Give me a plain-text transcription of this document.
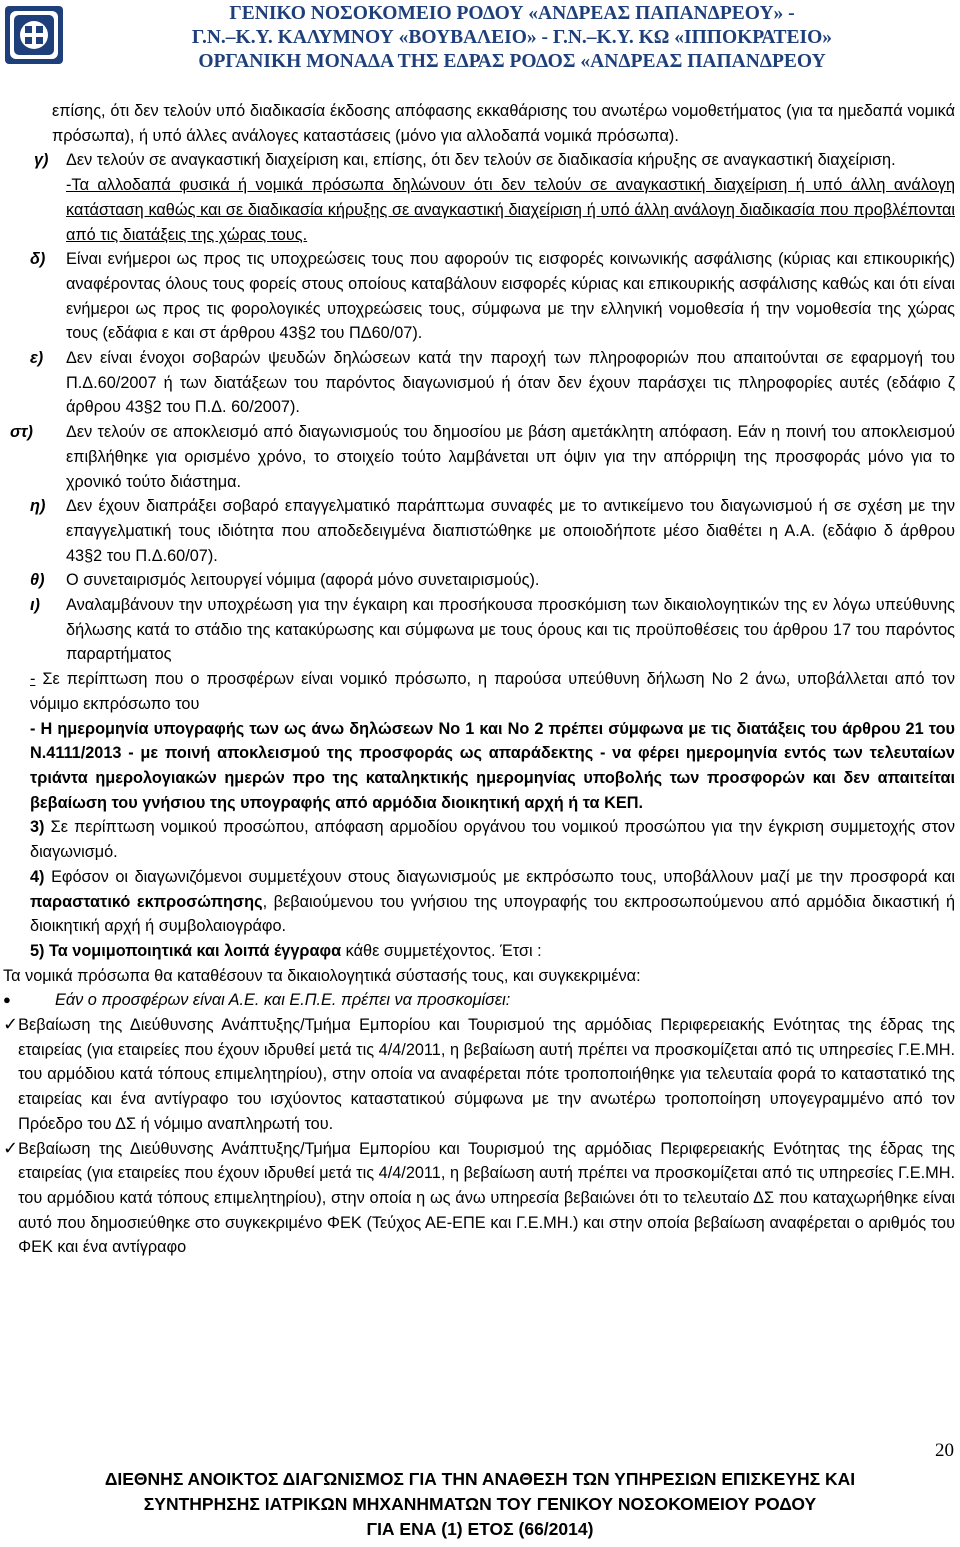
ΓΕΝΙΚΟ ΝΟΣΟΚΟΜΕΙΟ ΡΟΔΟΥ «ΑΝΔΡΕΑΣ ΠΑΠΑΝΔΡΕΟΥ» -
Γ.Ν.–Κ.Υ. ΚΑΛΥΜΝΟΥ «ΒΟΥΒΑΛΕΙΟ» - Γ.Ν.–Κ.Υ. ΚΩ «ΙΠΠΟΚΡΑΤΕΙΟ»
ΟΡΓΑΝΙΚΗ ΜΟΝΑΔΑ ΤΗΣ ΕΔΡΑΣ ΡΟΔΟΣ «ΑΝΔΡΕΑΣ ΠΑΠΑΝΔΡΕΟΥ

επίσης, ότι δεν τελούν υπό διαδικασία έκδοσης απόφασης εκκαθάρισης του ανωτέρω νομοθετήματος (για τα ημεδαπά νομικά πρόσωπα), ή υπό άλλες ανάλογες καταστάσεις (μόνο για αλλοδαπά νομικά πρόσωπα).

γ)	Δεν τελούν σε αναγκαστική διαχείριση και, επίσης, ότι δεν τελούν σε διαδικασία κήρυξης σε αναγκαστική διαχείριση.

-Τα αλλοδαπά φυσικά ή νομικά πρόσωπα δηλώνουν ότι δεν τελούν σε αναγκαστική διαχείριση ή υπό άλλη ανάλογη κατάσταση καθώς και σε διαδικασία κήρυξης σε αναγκαστική διαχείριση ή υπό άλλη ανάλογη διαδικασία που προβλέπονται από τις διατάξεις της χώρας τους.

δ)	Είναι ενήμεροι ως προς τις υποχρεώσεις τους που αφορούν τις εισφορές κοινωνικής ασφάλισης (κύριας και επικουρικής) αναφέροντας όλους τους φορείς στους οποίους καταβάλουν εισφορές κύριας και επικουρικής ασφάλισης καθώς και ότι είναι ενήμεροι ως προς τις φορολογικές υποχρεώσεις τους, σύμφωνα με την ελληνική νομοθεσία ή την νομοθεσία της χώρας τους (εδάφια ε και στ άρθρου 43§2 του ΠΔ60/07).
ε)	Δεν είναι ένοχοι σοβαρών ψευδών δηλώσεων κατά την παροχή των πληροφοριών που απαιτούνται σε εφαρμογή του Π.Δ.60/2007 ή των διατάξεων του παρόντος διαγωνισμού ή όταν δεν έχουν παράσχει τις πληροφορίες αυτές (εδάφιο ζ άρθρου 43§2 του Π.Δ. 60/2007).
στ)	Δεν τελούν σε αποκλεισμό από διαγωνισμούς του δημοσίου με βάση αμετάκλητη απόφαση. Εάν η ποινή του αποκλεισμού επιβλήθηκε για ορισμένο χρόνο, το στοιχείο τούτο λαμβάνεται υπ όψιν για την απόρριψη της προσφοράς μόνο για το χρονικό τούτο διάστημα.
η)	Δεν έχουν διαπράξει σοβαρό επαγγελματικό παράπτωμα συναφές με το αντικείμενο του διαγωνισμού ή σε σχέση με την επαγγελματική τους ιδιότητα που αποδεδειγμένα διαπιστώθηκε με οποιοδήποτε μέσο διαθέτει η Α.Α. (εδάφιο δ άρθρου 43§2 του Π.Δ.60/07).
θ)	Ο συνεταιρισμός λειτουργεί νόμιμα (αφορά μόνο συνεταιρισμούς).
ι)	Αναλαμβάνουν την υποχρέωση για την έγκαιρη και προσήκουσα προσκόμιση των δικαιολογητικών της εν λόγω υπεύθυνης δήλωσης κατά το στάδιο της κατακύρωσης και σύμφωνα με τους όρους και τις προϋποθέσεις του άρθρου 17 του παρόντος παραρτήματος

- Σε περίπτωση που ο προσφέρων είναι νομικό πρόσωπο, η παρούσα υπεύθυνη δήλωση Νο 2 άνω, υποβάλλεται από τον νόμιμο εκπρόσωπο του

- Η ημερομηνία υπογραφής των ως άνω δηλώσεων Νο 1 και Νο 2 πρέπει σύμφωνα με τις διατάξεις του άρθρου 21 του Ν.4111/2013 - με ποινή αποκλεισμού της προσφοράς ως απαράδεκτης - να φέρει ημερομηνία εντός των τελευταίων τριάντα ημερολογιακών ημερών προ της καταληκτικής ημερομηνίας υποβολής των προσφορών και δεν απαιτείται βεβαίωση του γνήσιου της υπογραφής από αρμόδια διοικητική αρχή ή τα ΚΕΠ.

3) Σε περίπτωση νομικού προσώπου, απόφαση αρμοδίου οργάνου του νομικού προσώπου για την έγκριση συμμετοχής στον διαγωνισμό.

4) Εφόσον οι διαγωνιζόμενοι συμμετέχουν στους διαγωνισμούς με εκπρόσωπο τους, υποβάλλουν μαζί με την προσφορά και παραστατικό εκπροσώπησης, βεβαιούμενου του γνήσιου της υπογραφής του εκπροσωπούμενου από αρμόδια δικαστική ή διοικητική αρχή ή συμβολαιογράφο.

5) Τα νομιμοποιητικά και λοιπά έγγραφα κάθε συμμετέχοντος. Έτσι :

Τα νομικά πρόσωπα θα καταθέσουν τα δικαιολογητικά σύστασής τους, και συγκεκριμένα:

●	Εάν ο προσφέρων είναι Α.Ε. και Ε.Π.Ε. πρέπει να προσκομίσει:
✓ Βεβαίωση της Διεύθυνσης Ανάπτυξης/Τμήμα Εμπορίου και Τουρισμού της αρμόδιας Περιφερειακής Ενότητας της έδρας της εταιρείας (για εταιρείες που έχουν ιδρυθεί μετά τις 4/4/2011, η βεβαίωση αυτή πρέπει να προσκομίζεται από τις υπηρεσίες Γ.Ε.ΜΗ. του αρμόδιου κατά τόπους επιμελητηρίου), στην οποία να αναφέρεται πότε τροποποιήθηκε για τελευταία φορά το καταστατικό της εταιρείας και ένα αντίγραφο του ισχύοντος καταστατικού σύμφωνα με την ανωτέρω τροποποίηση υπογεγραμμένο από τον Πρόεδρο του ΔΣ ή νόμιμο αναπληρωτή του.
✓ Βεβαίωση της Διεύθυνσης Ανάπτυξης/Τμήμα Εμπορίου και Τουρισμού της αρμόδιας Περιφερειακής Ενότητας της έδρας της εταιρείας (για εταιρείες που έχουν ιδρυθεί μετά τις 4/4/2011, η βεβαίωση αυτή πρέπει να προσκομίζεται από τις υπηρεσίες Γ.Ε.ΜΗ. του αρμόδιου κατά τόπους επιμελητηρίου), στην οποία η ως άνω υπηρεσία βεβαιώνει ότι το τελευταίο ΔΣ που καταχωρήθηκε είναι αυτό που δημοσιεύθηκε στο συγκεκριμένο ΦΕΚ (Τεύχος ΑΕ-ΕΠΕ και Γ.Ε.ΜΗ.) και στην οποία βεβαίωση αναφέρεται ο αριθμός του ΦΕΚ και ένα αντίγραφο
20
ΔΙΕΘΝΗΣ ΑΝΟΙΚΤΟΣ ΔΙΑΓΩΝΙΣΜΟΣ ΓΙΑ ΤΗΝ ΑΝΑΘΕΣΗ ΤΩΝ ΥΠΗΡΕΣΙΩΝ ΕΠΙΣΚΕΥΗΣ ΚΑΙ
ΣΥΝΤΗΡΗΣΗΣ ΙΑΤΡΙΚΩΝ ΜΗΧΑΝΗΜΑΤΩΝ ΤΟΥ ΓΕΝΙΚΟΥ ΝΟΣΟΚΟΜΕΙΟΥ ΡΟΔΟΥ
ΓΙΑ ΕΝΑ (1) ΕΤΟΣ (66/2014)
